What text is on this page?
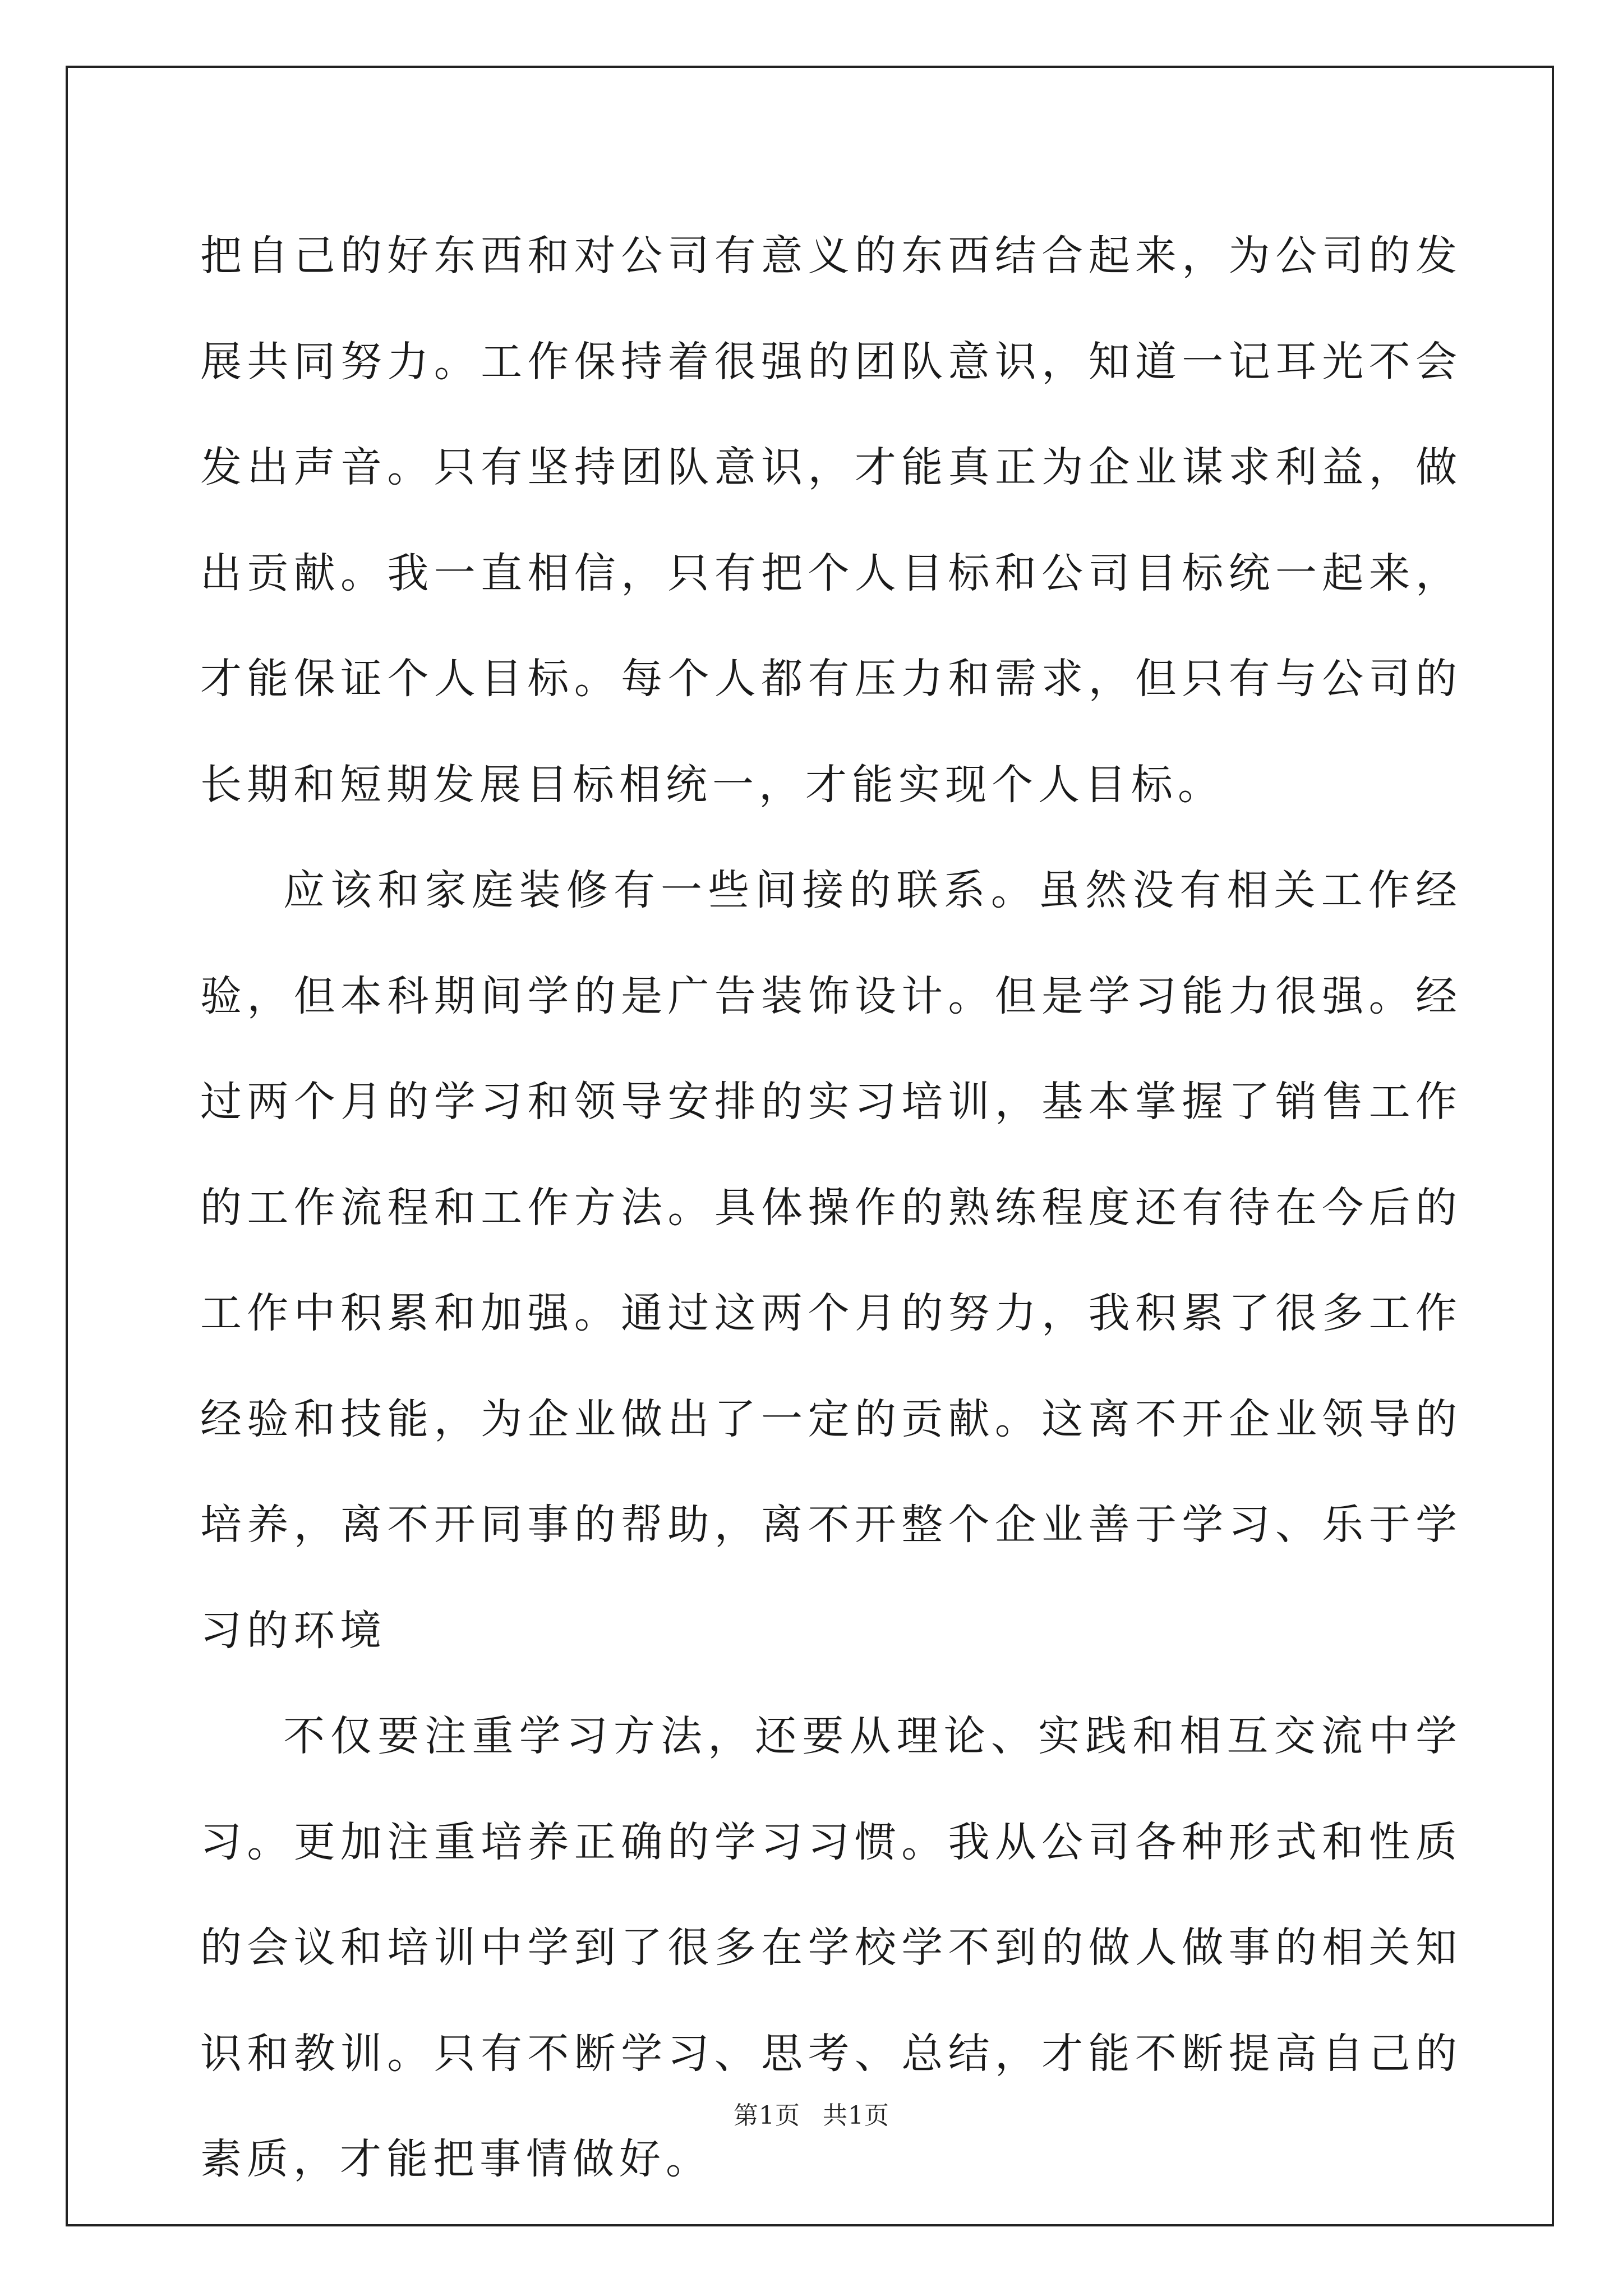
把自己的好东西和对公司有意义的东西结合起来，为公司的发展共同努力。工作保持着很强的团队意识，知道一记耳光不会发出声音。只有坚持团队意识，才能真正为企业谋求利益，做出贡献。我一直相信，只有把个人目标和公司目标统一起来，才能保证个人目标。每个人都有压力和需求，但只有与公司的长期和短期发展目标相统一，才能实现个人目标。

应该和家庭装修有一些间接的联系。虽然没有相关工作经验，但本科期间学的是广告装饰设计。但是学习能力很强。经过两个月的学习和领导安排的实习培训，基本掌握了销售工作的工作流程和工作方法。具体操作的熟练程度还有待在今后的工作中积累和加强。通过这两个月的努力，我积累了很多工作经验和技能，为企业做出了一定的贡献。这离不开企业领导的培养，离不开同事的帮助，离不开整个企业善于学习、乐于学习的环境

不仅要注重学习方法，还要从理论、实践和相互交流中学习。更加注重培养正确的学习习惯。我从公司各种形式和性质的会议和培训中学到了很多在学校学不到的做人做事的相关知识和教训。只有不断学习、思考、总结，才能不断提高自己的素质，才能把事情做好。

第1页 共1页
